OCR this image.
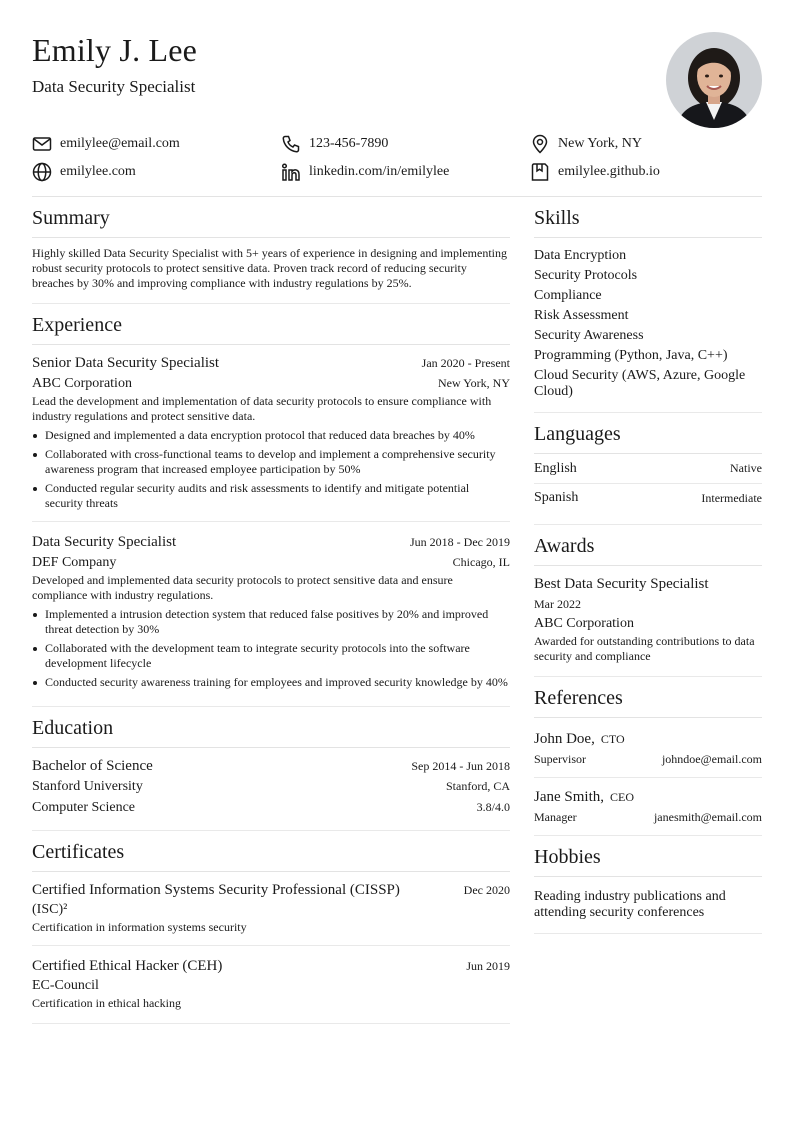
Emily J. Lee
Data Security Specialist
emilylee@email.com	123-456-7890	New York, NY
emilylee.com	linkedin.com/in/emilylee	emilylee.github.io
Summary
Highly skilled Data Security Specialist with 5+ years of experience in designing and implementing robust security protocols to protect sensitive data. Proven track record of reducing security breaches by 30% and improving compliance with industry regulations by 25%.
Experience
Senior Data Security Specialist	Jan 2020 - Present
ABC Corporation	New York, NY
Lead the development and implementation of data security protocols to ensure compliance with industry regulations and protect sensitive data.
Designed and implemented a data encryption protocol that reduced data breaches by 40%
Collaborated with cross-functional teams to develop and implement a comprehensive security awareness program that increased employee participation by 50%
Conducted regular security audits and risk assessments to identify and mitigate potential security threats
Data Security Specialist	Jun 2018 - Dec 2019
DEF Company	Chicago, IL
Developed and implemented data security protocols to protect sensitive data and ensure compliance with industry regulations.
Implemented a intrusion detection system that reduced false positives by 20% and improved threat detection by 30%
Collaborated with the development team to integrate security protocols into the software development lifecycle
Conducted security awareness training for employees and improved security knowledge by 40%
Education
Bachelor of Science	Sep 2014 - Jun 2018
Stanford University	Stanford, CA
Computer Science	3.8/4.0
Certificates
Certified Information Systems Security Professional (CISSP)	Dec 2020
(ISC)²
Certification in information systems security
Certified Ethical Hacker (CEH)	Jun 2019
EC-Council
Certification in ethical hacking
Skills
Data Encryption
Security Protocols
Compliance
Risk Assessment
Security Awareness
Programming (Python, Java, C++)
Cloud Security (AWS, Azure, Google Cloud)
Languages
English	Native
Spanish	Intermediate
Awards
Best Data Security Specialist
Mar 2022
ABC Corporation
Awarded for outstanding contributions to data security and compliance
References
John Doe, CTO
Supervisor	johndoe@email.com
Jane Smith, CEO
Manager	janesmith@email.com
Hobbies
Reading industry publications and attending security conferences
